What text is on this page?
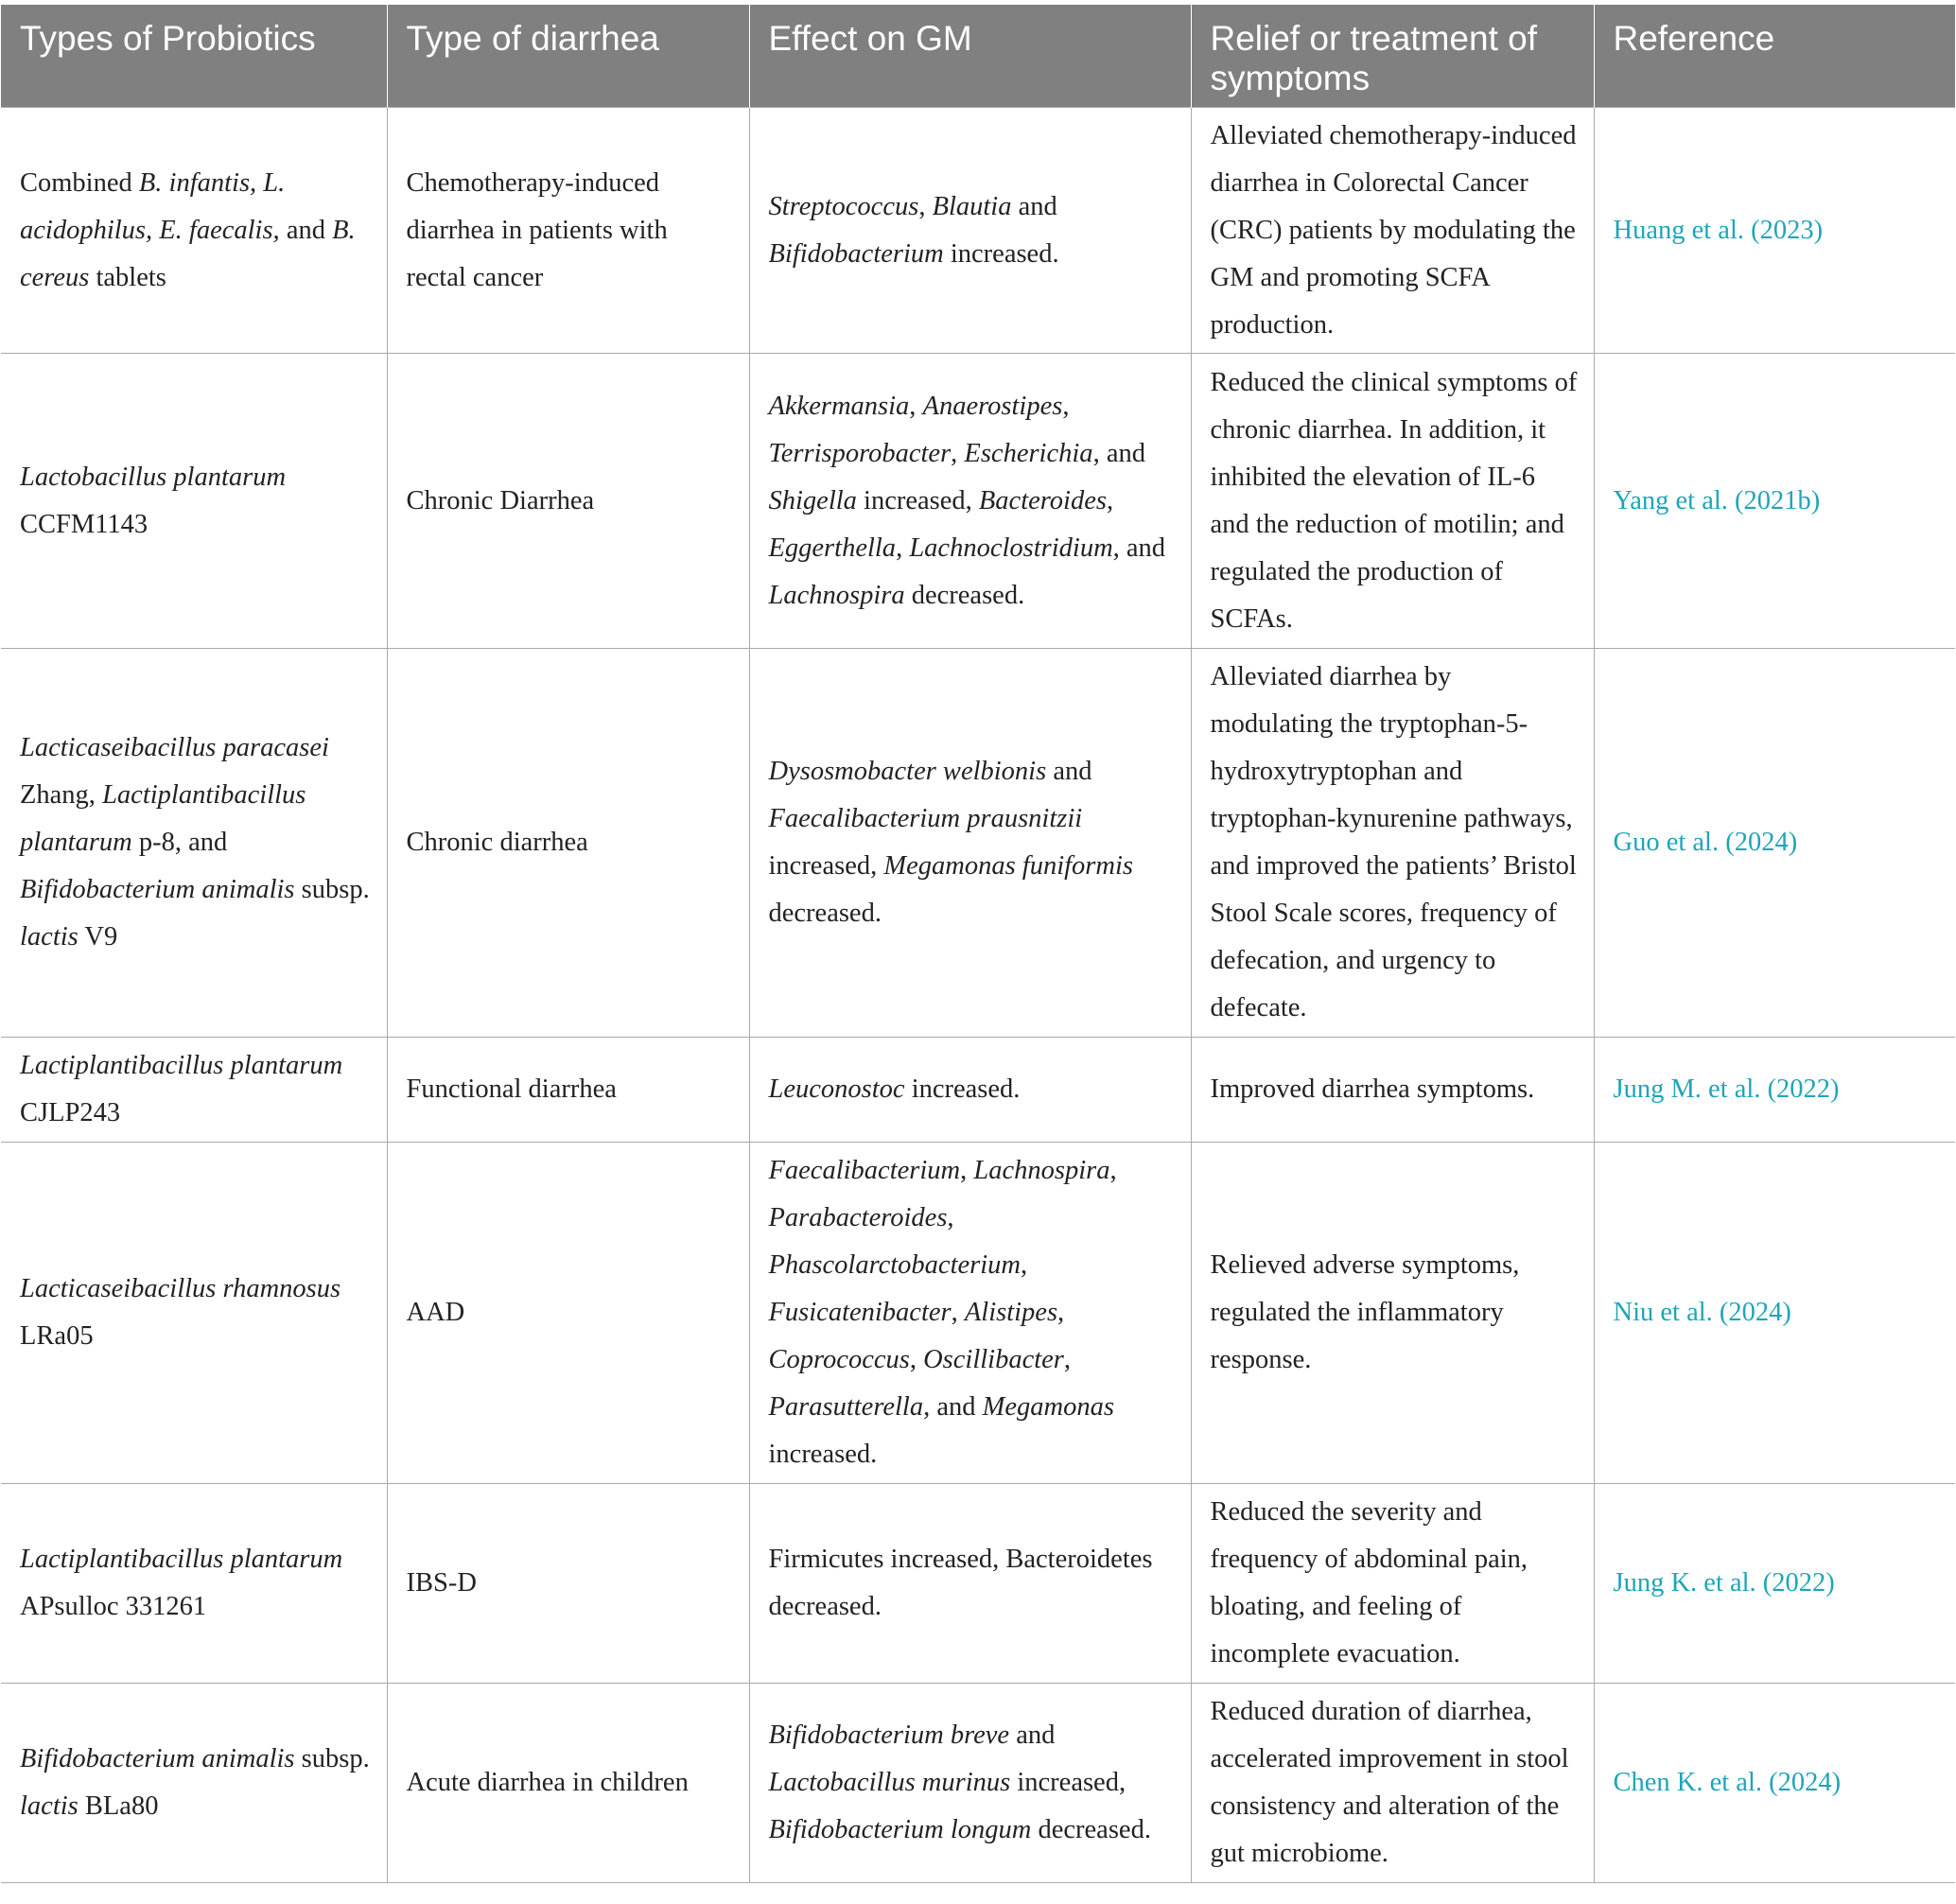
Types of Probiotics	Type of diarrhea	Effect on GM	Relief or treatment of symptoms	Reference
Combined B. infantis, L. acidophilus, E. faecalis, and B. cereus tablets	Chemotherapy-induced diarrhea in patients with rectal cancer	Streptococcus, Blautia and Bifidobacterium increased.	Alleviated chemotherapy-induced diarrhea in Colorectal Cancer (CRC) patients by modulating the GM and promoting SCFA production.	Huang et al. (2023)
Lactobacillus plantarum CCFM1143	Chronic Diarrhea	Akkermansia, Anaerostipes, Terrisporobacter, Escherichia, and Shigella increased, Bacteroides, Eggerthella, Lachnoclostridium, and Lachnospira decreased.	Reduced the clinical symptoms of chronic diarrhea. In addition, it inhibited the elevation of IL-6 and the reduction of motilin; and regulated the production of SCFAs.	Yang et al. (2021b)
Lacticaseibacillus paracasei Zhang, Lactiplantibacillus plantarum p-8, and Bifidobacterium animalis subsp. lactis V9	Chronic diarrhea	Dysosmobacter welbionis and Faecalibacterium prausnitzii increased, Megamonas funiformis decreased.	Alleviated diarrhea by modulating the tryptophan-5-hydroxytryptophan and tryptophan-kynurenine pathways, and improved the patients’ Bristol Stool Scale scores, frequency of defecation, and urgency to defecate.	Guo et al. (2024)
Lactiplantibacillus plantarum CJLP243	Functional diarrhea	Leuconostoc increased.	Improved diarrhea symptoms.	Jung M. et al. (2022)
Lacticaseibacillus rhamnosus LRa05	AAD	Faecalibacterium, Lachnospira, Parabacteroides, Phascolarctobacterium, Fusicatenibacter, Alistipes, Coprococcus, Oscillibacter, Parasutterella, and Megamonas increased.	Relieved adverse symptoms, regulated the inflammatory response.	Niu et al. (2024)
Lactiplantibacillus plantarum APsulloc 331261	IBS-D	Firmicutes increased, Bacteroidetes decreased.	Reduced the severity and frequency of abdominal pain, bloating, and feeling of incomplete evacuation.	Jung K. et al. (2022)
Bifidobacterium animalis subsp. lactis BLa80	Acute diarrhea in children	Bifidobacterium breve and Lactobacillus murinus increased, Bifidobacterium longum decreased.	Reduced duration of diarrhea, accelerated improvement in stool consistency and alteration of the gut microbiome.	Chen K. et al. (2024)
